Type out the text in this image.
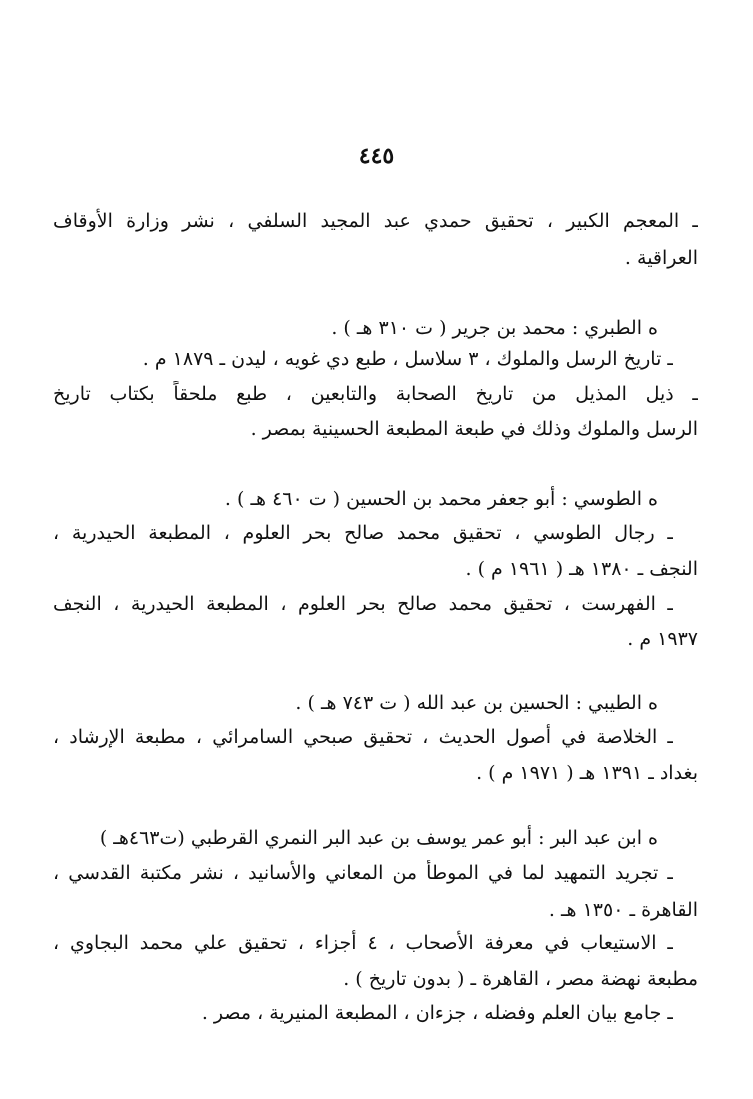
٤٤٥
ـ المعجم الكبير ، تحقيق حمدي عبد المجيد السلفي ، نشر وزارة الأوقاف
العراقية .
ه الطبري : محمد بن جرير ( ت ٣١٠ هـ ) .
ـ تاريخ الرسل والملوك ، ٣ سلاسل ، طبع دي غويه ، ليدن ـ ١٨٧٩ م .
ـ ذيل المذيل من تاريخ الصحابة والتابعين ، طبع ملحقاً بكتاب تاريخ
الرسل والملوك وذلك في طبعة المطبعة الحسينية بمصر .
ه الطوسي : أبو جعفر محمد بن الحسين ( ت ٤٦٠ هـ ) .
ـ رجال الطوسي ، تحقيق محمد صالح بحر العلوم ، المطبعة الحيدرية ،
النجف ـ ١٣٨٠ هـ ( ١٩٦١ م ) .
ـ الفهرست ، تحقيق محمد صالح بحر العلوم ، المطبعة الحيدرية ، النجف
١٩٣٧ م .
ه الطيبي : الحسين بن عبد الله ( ت ٧٤٣ هـ ) .
ـ الخلاصة في أصول الحديث ، تحقيق صبحي السامرائي ، مطبعة الإرشاد ،
بغداد ـ ١٣٩١ هـ ( ١٩٧١ م ) .
ه ابن عبد البر : أبو عمر يوسف بن عبد البر النمري القرطبي (ت٤٦٣هـ )
ـ تجريد التمهيد لما في الموطأ من المعاني والأسانيد ، نشر مكتبة القدسي ،
القاهرة ـ ١٣٥٠ هـ .
ـ الاستيعاب في معرفة الأصحاب ، ٤ أجزاء ، تحقيق علي محمد البجاوي ،
مطبعة نهضة مصر ، القاهرة ـ ( بدون تاريخ ) .
ـ جامع بيان العلم وفضله ، جزءان ، المطبعة المنيرية ، مصر .
